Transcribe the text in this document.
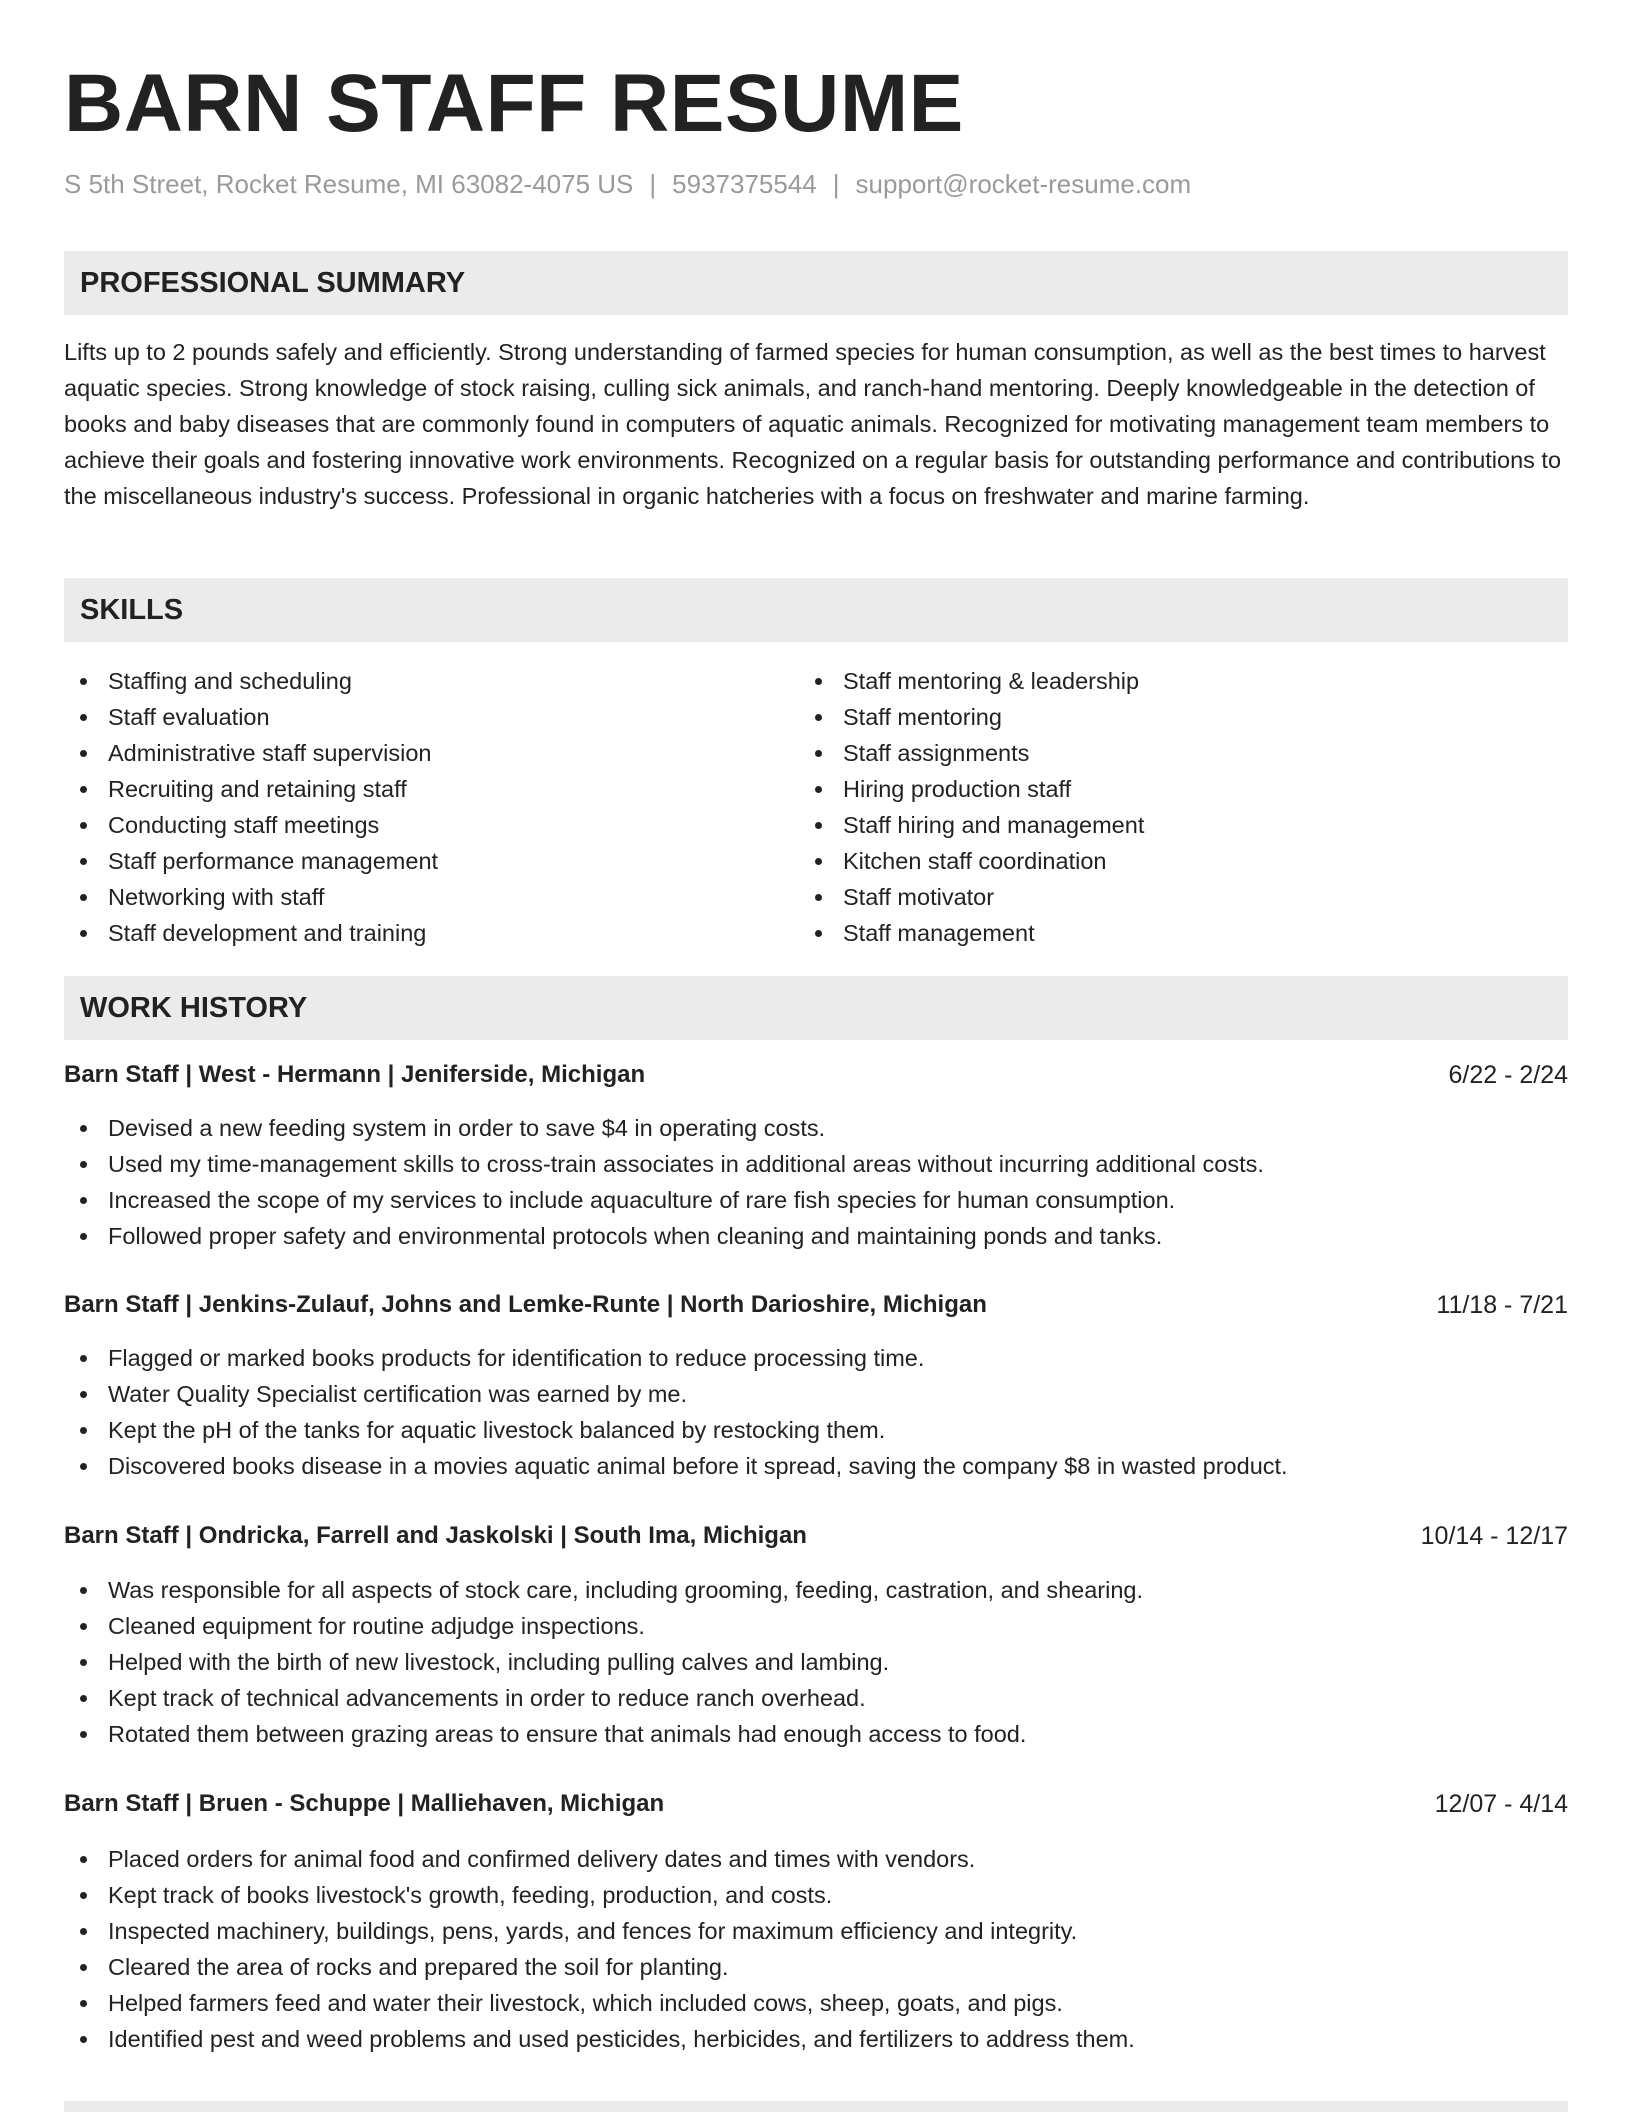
BARN STAFF RESUME
S 5th Street, Rocket Resume, MI 63082-4075 US | 5937375544 | support@rocket-resume.com
PROFESSIONAL SUMMARY

Lifts up to 2 pounds safely and efficiently. Strong understanding of farmed species for human consumption, as well as the best times to harvest aquatic species. Strong knowledge of stock raising, culling sick animals, and ranch-hand mentoring. Deeply knowledgeable in the detection of books and baby diseases that are commonly found in computers of aquatic animals. Recognized for motivating management team members to achieve their goals and fostering innovative work environments. Recognized on a regular basis for outstanding performance and contributions to the miscellaneous industry's success. Professional in organic hatcheries with a focus on freshwater and marine farming.

SKILLS
Staffing and scheduling
Staff evaluation
Administrative staff supervision
Recruiting and retaining staff
Conducting staff meetings
Staff performance management
Networking with staff
Staff development and training
Staff mentoring & leadership
Staff mentoring
Staff assignments
Hiring production staff
Staff hiring and management
Kitchen staff coordination
Staff motivator
Staff management
WORK HISTORY
Barn Staff | West - Hermann | Jeniferside, Michigan	6/22 - 2/24
Devised a new feeding system in order to save $4 in operating costs.
Used my time-management skills to cross-train associates in additional areas without incurring additional costs.
Increased the scope of my services to include aquaculture of rare fish species for human consumption.
Followed proper safety and environmental protocols when cleaning and maintaining ponds and tanks.
Barn Staff | Jenkins-Zulauf, Johns and Lemke-Runte | North Darioshire, Michigan	11/18 - 7/21
Flagged or marked books products for identification to reduce processing time.
Water Quality Specialist certification was earned by me.
Kept the pH of the tanks for aquatic livestock balanced by restocking them.
Discovered books disease in a movies aquatic animal before it spread, saving the company $8 in wasted product.
Barn Staff | Ondricka, Farrell and Jaskolski | South Ima, Michigan	10/14 - 12/17
Was responsible for all aspects of stock care, including grooming, feeding, castration, and shearing.
Cleaned equipment for routine adjudge inspections.
Helped with the birth of new livestock, including pulling calves and lambing.
Kept track of technical advancements in order to reduce ranch overhead.
Rotated them between grazing areas to ensure that animals had enough access to food.
Barn Staff | Bruen - Schuppe | Malliehaven, Michigan	12/07 - 4/14
Placed orders for animal food and confirmed delivery dates and times with vendors.
Kept track of books livestock's growth, feeding, production, and costs.
Inspected machinery, buildings, pens, yards, and fences for maximum efficiency and integrity.
Cleared the area of rocks and prepared the soil for planting.
Helped farmers feed and water their livestock, which included cows, sheep, goats, and pigs.
Identified pest and weed problems and used pesticides, herbicides, and fertilizers to address them.
